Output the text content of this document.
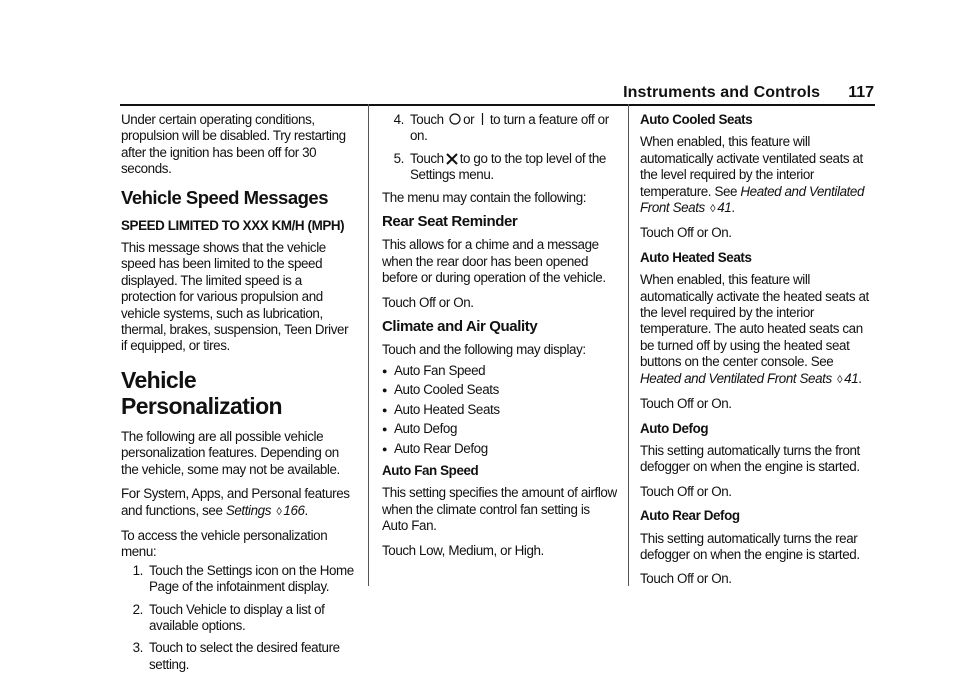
Instruments and Controls 117

Under certain operating conditions, propulsion will be disabled. Try restarting after the ignition has been off for 30 seconds.

Vehicle Speed Messages
SPEED LIMITED TO XXX KM/H (MPH)

This message shows that the vehicle speed has been limited to the speed displayed. The limited speed is a protection for various propulsion and vehicle systems, such as lubrication, thermal, brakes, suspension, Teen Driver if equipped, or tires.

Vehicle Personalization

The following are all possible vehicle personalization features. Depending on the vehicle, some may not be available.

For System, Apps, and Personal features and functions, see Settings ◊ 166.

To access the vehicle personalization menu:

1. Touch the Settings icon on the Home Page of the infotainment display.
2. Touch Vehicle to display a list of available options.
3. Touch to select the desired feature setting.
4. Touch or to turn a feature off or on.
5. Touch to go to the top level of the Settings menu.

The menu may contain the following:

Rear Seat Reminder

This allows for a chime and a message when the rear door has been opened before or during operation of the vehicle.

Touch Off or On.

Climate and Air Quality

Touch and the following may display:

● Auto Fan Speed
● Auto Cooled Seats
● Auto Heated Seats
● Auto Defog
● Auto Rear Defog

Auto Fan Speed

This setting specifies the amount of airflow when the climate control fan setting is Auto Fan.

Touch Low, Medium, or High.

Auto Cooled Seats

When enabled, this feature will automatically activate ventilated seats at the level required by the interior temperature. See Heated and Ventilated Front Seats ◊ 41.

Touch Off or On.

Auto Heated Seats

When enabled, this feature will automatically activate the heated seats at the level required by the interior temperature. The auto heated seats can be turned off by using the heated seat buttons on the center console. See Heated and Ventilated Front Seats ◊ 41.

Touch Off or On.

Auto Defog

This setting automatically turns the front defogger on when the engine is started.

Touch Off or On.

Auto Rear Defog

This setting automatically turns the rear defogger on when the engine is started.

Touch Off or On.
